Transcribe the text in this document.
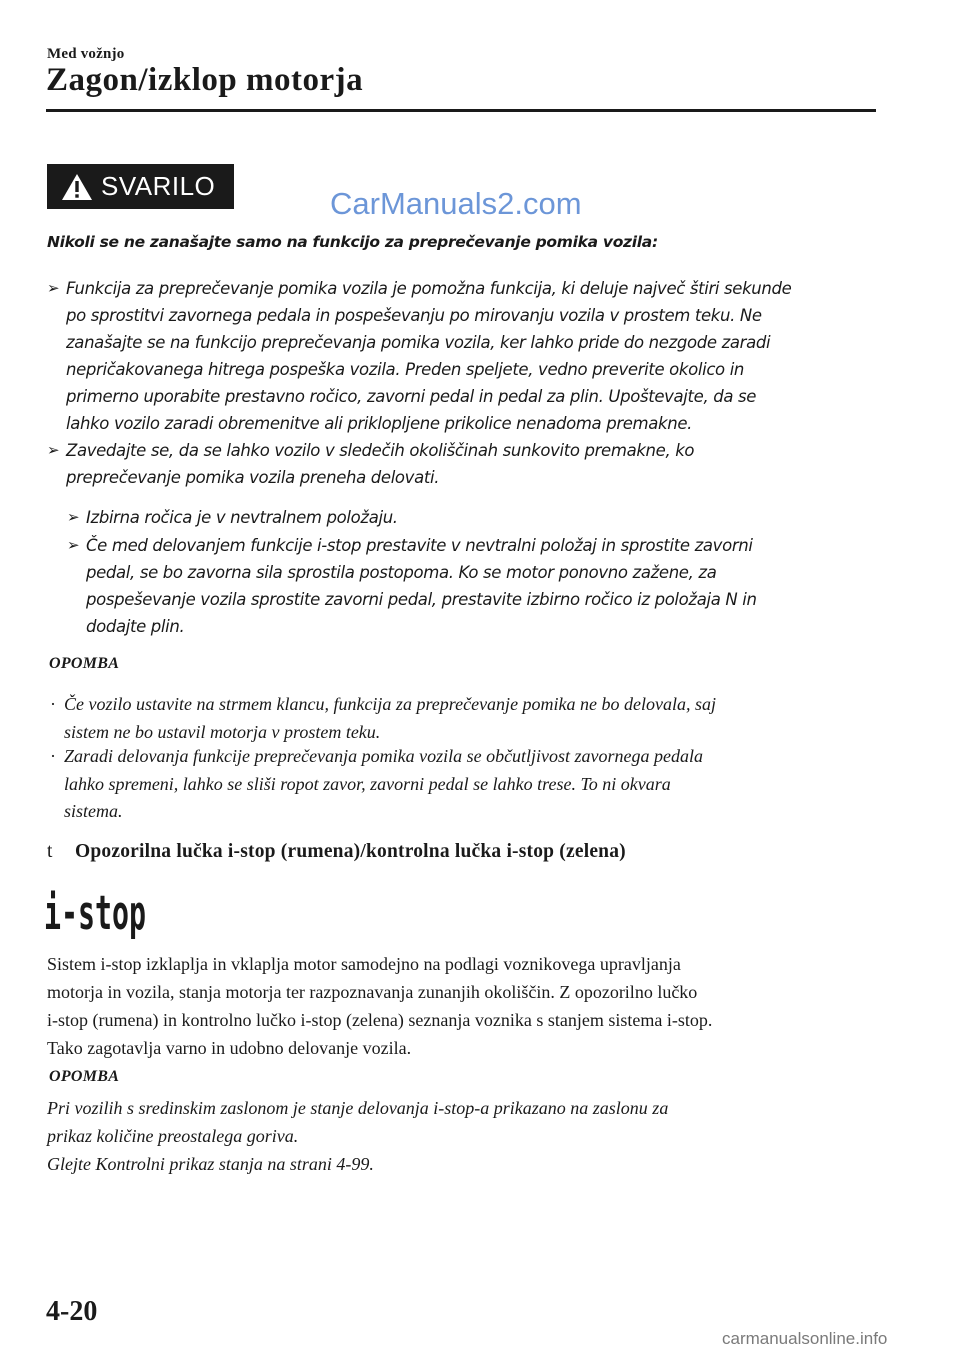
Med vožnjo
Zagon/izklop motorja
SVARILO	CarManuals2.com
Nikoli se ne zanašajte samo na funkcijo za preprečevanje pomika vozila:
➢ Funkcija za preprečevanje pomika vozila je pomožna funkcija, ki deluje največ štiri sekunde
po sprostitvi zavornega pedala in pospeševanju po mirovanju vozila v prostem teku. Ne
zanašajte se na funkcijo preprečevanja pomika vozila, ker lahko pride do nezgode zaradi
nepričakovanega hitrega pospeška vozila. Preden speljete, vedno preverite okolico in
primerno uporabite prestavno ročico, zavorni pedal in pedal za plin. Upoštevajte, da se
lahko vozilo zaradi obremenitve ali priklopljene prikolice nenadoma premakne.
➢ Zavedajte se, da se lahko vozilo v sledečih okoliščinah sunkovito premakne, ko
preprečevanje pomika vozila preneha delovati.
➢ Izbirna ročica je v nevtralnem položaju.
➢ Če med delovanjem funkcije i-stop prestavite v nevtralni položaj in sprostite zavorni
pedal, se bo zavorna sila sprostila postopoma. Ko se motor ponovno zažene, za
pospeševanje vozila sprostite zavorni pedal, prestavite izbirno ročico iz položaja N in
dodajte plin.
OPOMBA
· Če vozilo ustavite na strmem klancu, funkcija za preprečevanje pomika ne bo delovala, saj
sistem ne bo ustavil motorja v prostem teku.
· Zaradi delovanja funkcije preprečevanja pomika vozila se občutljivost zavornega pedala
lahko spremeni, lahko se sliši ropot zavor, zavorni pedal se lahko trese. To ni okvara
sistema.
t Opozorilna lučka i-stop (rumena)/kontrolna lučka i-stop (zelena)
i-stop
Sistem i-stop izklaplja in vklaplja motor samodejno na podlagi voznikovega upravljanja
motorja in vozila, stanja motorja ter razpoznavanja zunanjih okoliščin. Z opozorilno lučko
i-stop (rumena) in kontrolno lučko i-stop (zelena) seznanja voznika s stanjem sistema i-stop.
Tako zagotavlja varno in udobno delovanje vozila.
OPOMBA
Pri vozilih s sredinskim zaslonom je stanje delovanja i-stop-a prikazano na zaslonu za
prikaz količine preostalega goriva.
Glejte Kontrolni prikaz stanja na strani 4-99.
4-20
carmanualsonline.info
